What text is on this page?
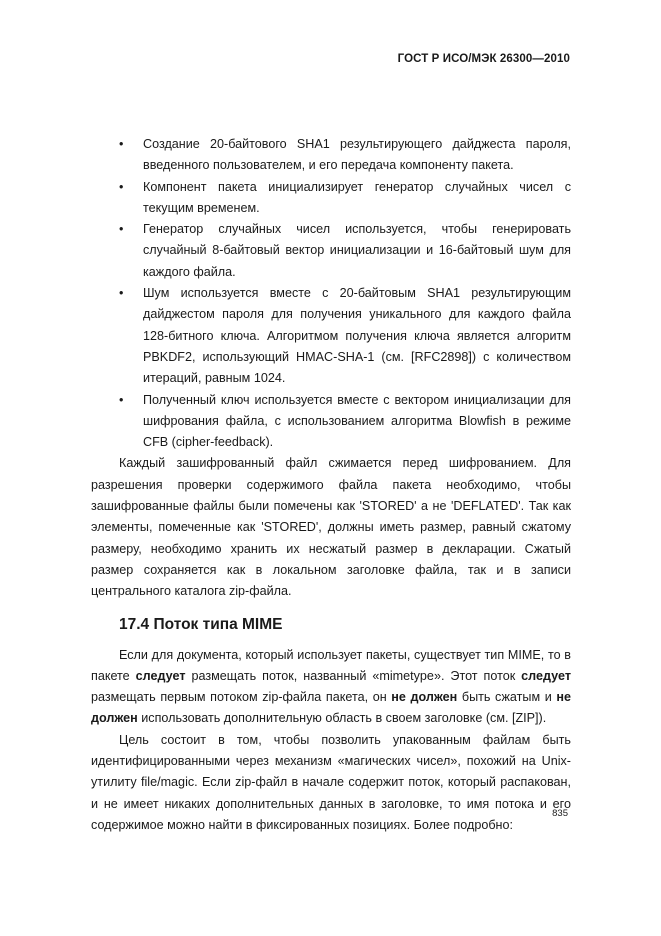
ГОСТ Р ИСО/МЭК 26300—2010
• Создание 20-байтового SHA1 результирующего дайджеста пароля, введенного пользователем, и его передача компоненту пакета.
• Компонент пакета инициализирует генератор случайных чисел с текущим временем.
• Генератор случайных чисел используется, чтобы генерировать случайный 8-байтовый вектор инициализации и 16-байтовый шум для каждого файла.
• Шум используется вместе с 20-байтовым SHA1 результирующим дайджестом пароля для получения уникального для каждого файла 128-битного ключа. Алгоритмом получения ключа является алгоритм PBKDF2, использующий HMAC-SHA-1 (см. [RFC2898]) с количеством итераций, равным 1024.
• Полученный ключ используется вместе с вектором инициализации для шифрования файла, с использованием алгоритма Blowfish в режиме CFB (cipher-feedback).

Каждый зашифрованный файл сжимается перед шифрованием. Для разрешения проверки содержимого файла пакета необходимо, чтобы зашифрованные файлы были помечены как 'STORED' а не 'DEFLATED'. Так как элементы, помеченные как 'STORED', должны иметь размер, равный сжатому размеру, необходимо хранить их несжатый размер в декларации. Сжатый размер сохраняется как в локальном заголовке файла, так и в записи центрального каталога zip-файла.

17.4 Поток типа MIME

Если для документа, который использует пакеты, существует тип MIME, то в пакете следует размещать поток, названный «mimetype». Этот поток следует размещать первым потоком zip-файла пакета, он не должен быть сжатым и не должен использовать дополнительную область в своем заголовке (см. [ZIP]).

Цель состоит в том, чтобы позволить упакованным файлам быть идентифицированными через механизм «магических чисел», похожий на Unix-утилиту file/magic. Если zip-файл в начале содержит поток, который распакован, и не имеет никаких дополнительных данных в заголовке, то имя потока и его содержимое можно найти в фиксированных позициях. Более подробно:

835
